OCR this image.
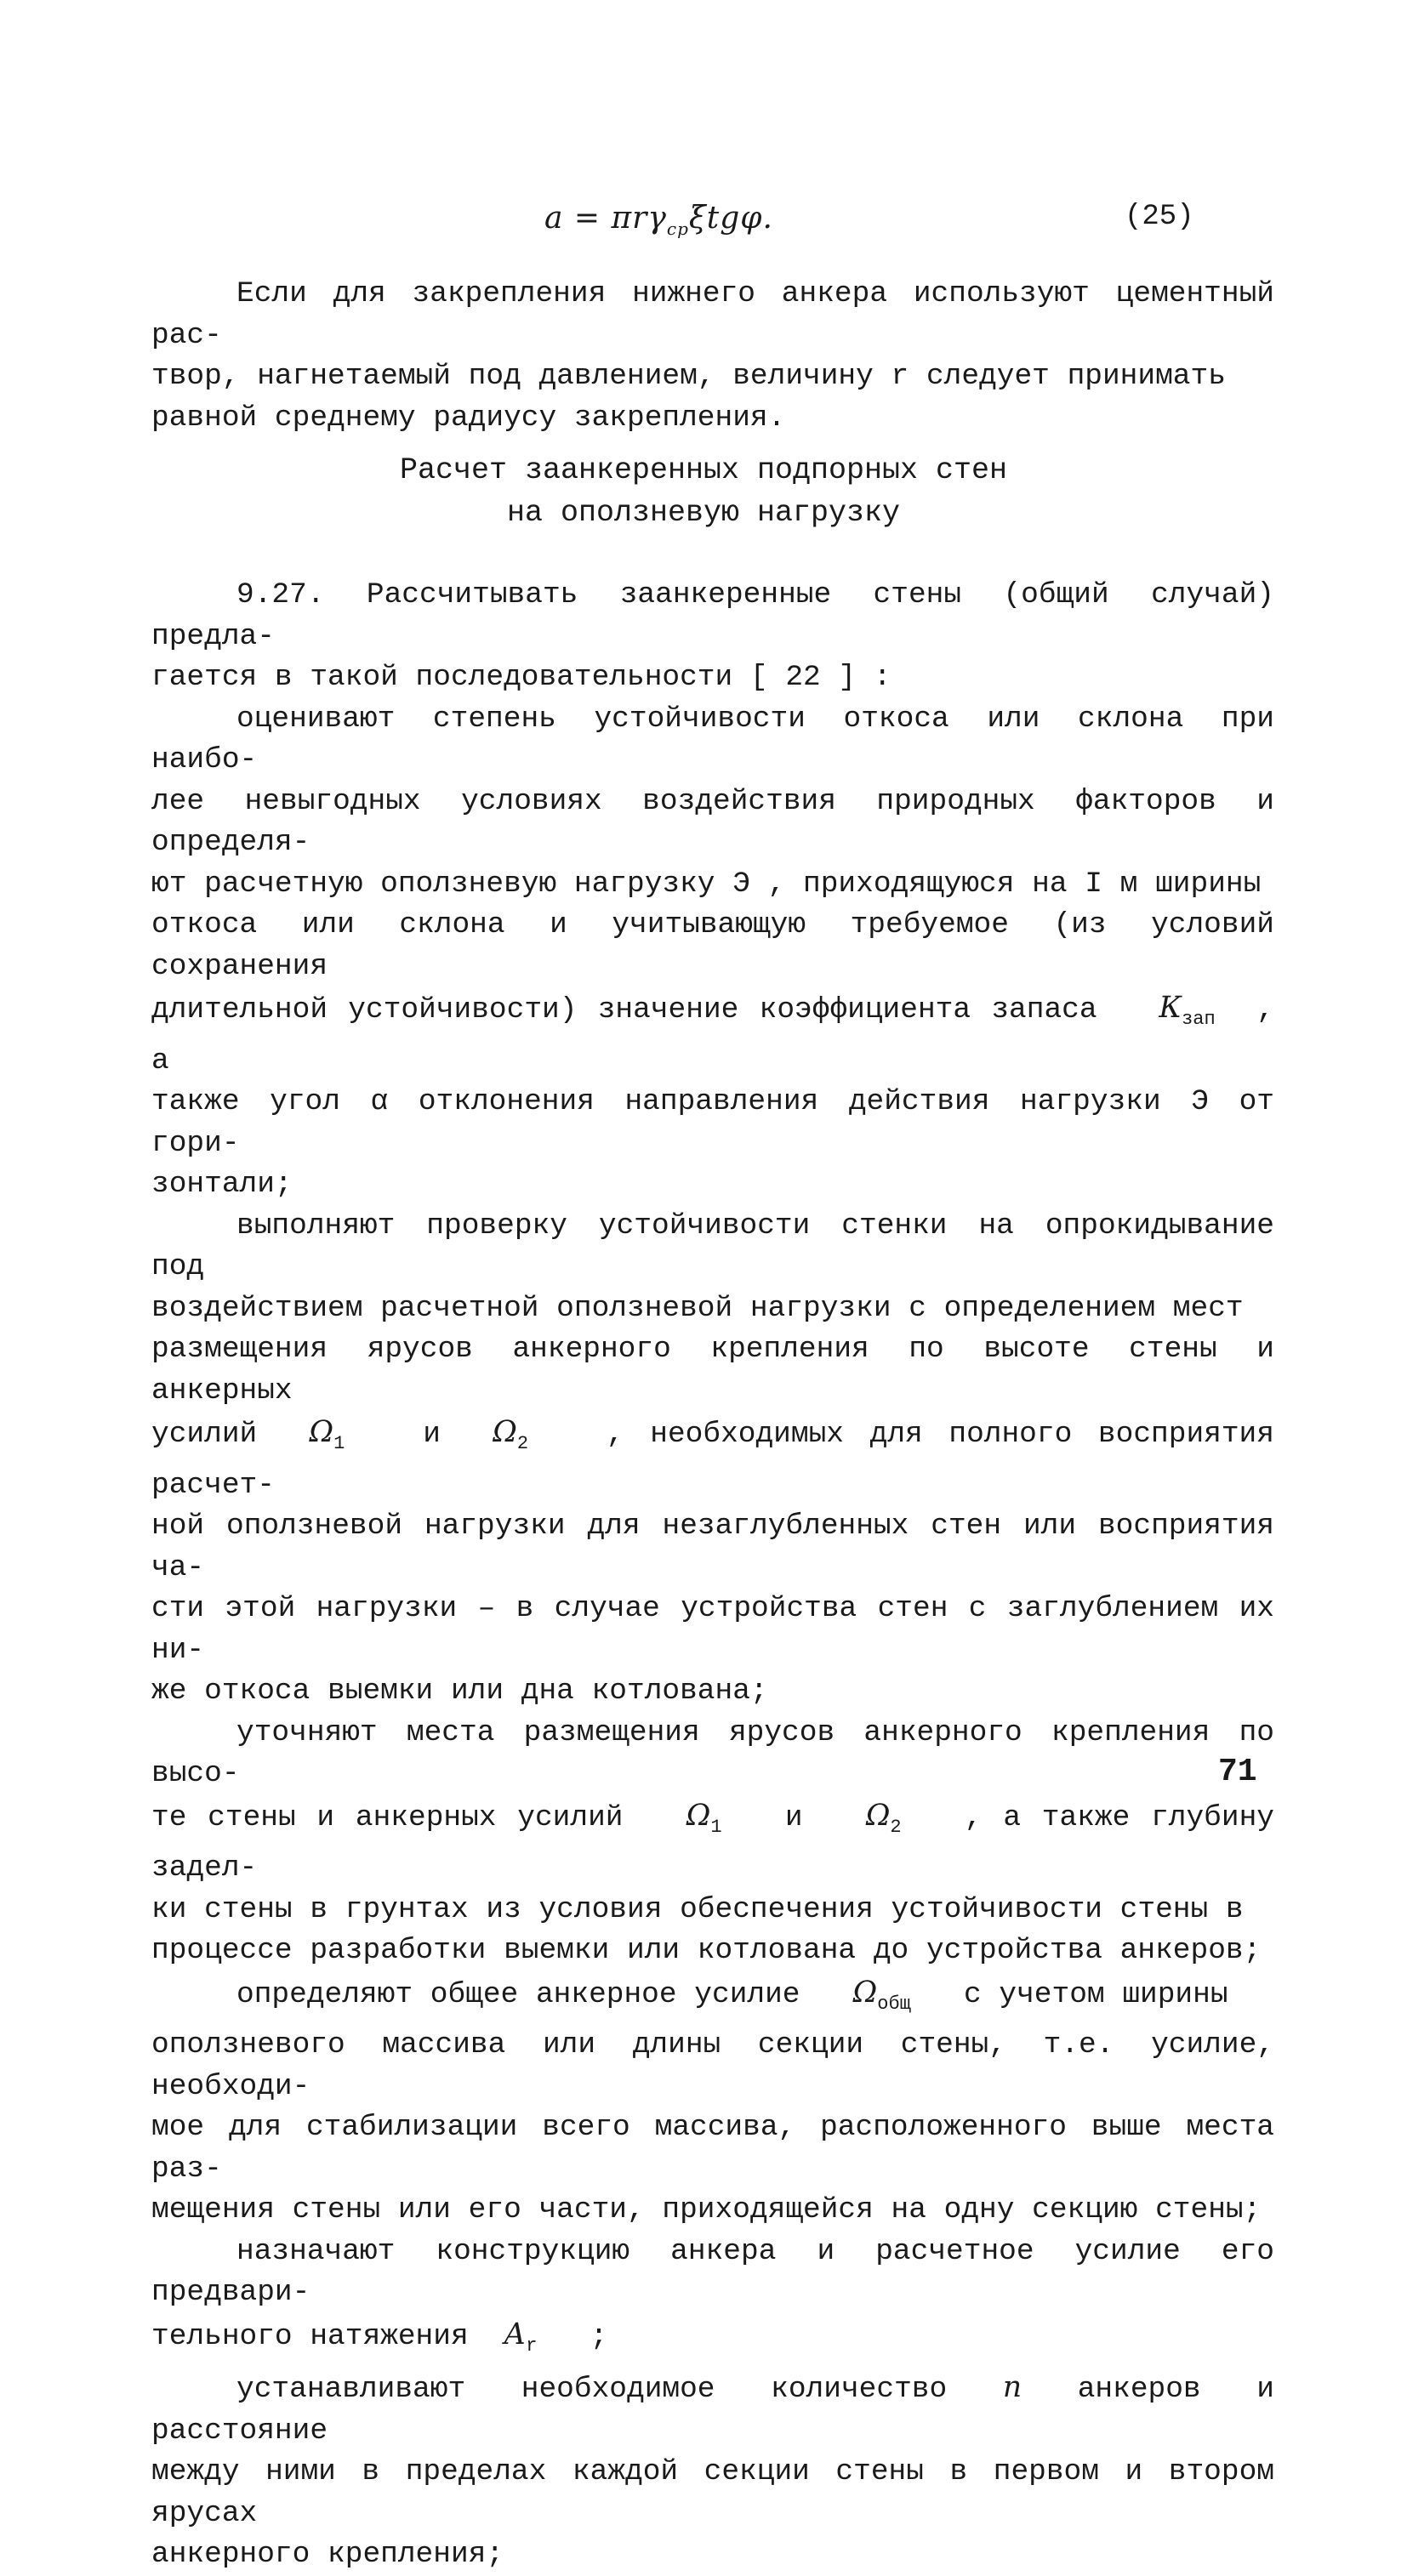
a = πrγ$_{ср}$ξtgφ.	(25)

Если для закрепления нижнего анкера используют цементный рас-

твор, нагнетаемый под давлением, величину r следует принимать

равной среднему радиусу закрепления.

Расчет заанкеренных подпорных стен
на оползневую нагрузку

9.27. Рассчитывать заанкеренные стены (общий случай) предла-

гается в такой последовательности [ 22 ] :

оценивают степень устойчивости откоса или склона при наибо-

лее невыгодных условиях воздействия природных факторов и определя-

ют расчетную оползневую нагрузку Э , приходящуюся на I м ширины

откоса или склона и учитывающую требуемое (из условий сохранения

длительной устойчивости) значение коэффициента запаса $К_{зап}$ , а

также угол α отклонения направления действия нагрузки Э от гори-

зонтали;

выполняют проверку устойчивости стенки на опрокидывание под

воздействием расчетной оползневой нагрузки с определением мест

размещения ярусов анкерного крепления по высоте стены и анкерных

усилий $\Omega_1$	и $\Omega_2$	, необходимых для полного восприятия расчет-

ной оползневой нагрузки для незаглубленных стен или восприятия ча-

сти этой нагрузки – в случае устройства стен с заглублением их ни-

же откоса выемки или дна котлована;

уточняют места размещения ярусов анкерного крепления по высо-

те стены и анкерных усилий $\Omega_1$ и $\Omega_2$ , а также глубину задел-

ки стены в грунтах из условия обеспечения устойчивости стены в

процессе разработки выемки или котлована до устройства анкеров;

определяют общее анкерное усилие $\Omega_{общ}$ с учетом ширины

оползневого массива или длины секции стены, т.е. усилие, необходи-

мое для стабилизации всего массива, расположенного выше места раз-

мещения стены или его части, приходящейся на одну секцию стены;

назначают конструкцию анкера и расчетное усилие его предвари-

тельного натяжения $А_r$ ;

устанавливают необходимое количество n анкеров и расстояние

между ними в пределах каждой секции стены в первом и втором ярусах

анкерного крепления;

71
